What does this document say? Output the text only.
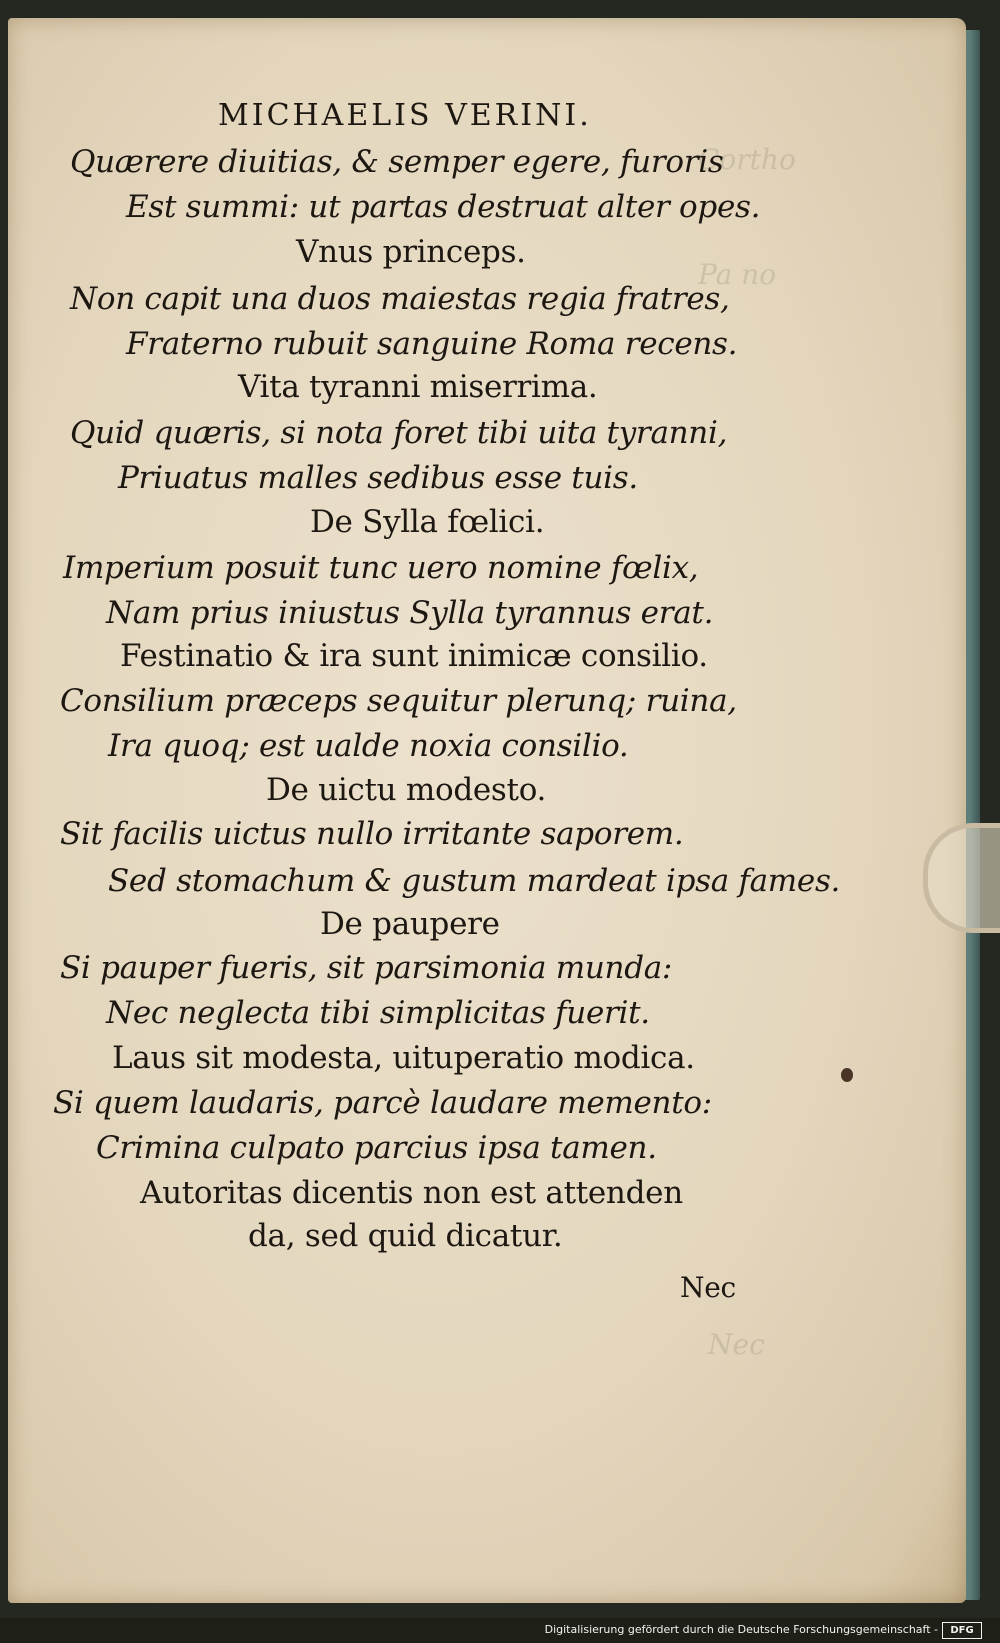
Cortho
Pa no
Nec

MICHAELIS VERINI.

Quærere diuitias, & semper egere, furoris

Est summi: ut partas destruat alter opes.

Vnus princeps.

Non capit una duos maiestas regia fratres,

Fraterno rubuit sanguine Roma recens.

Vita tyranni miserrima.

Quid quæris, si nota foret tibi uita tyranni,

Priuatus malles sedibus esse tuis.

De Sylla fœlici.

Imperium posuit tunc uero nomine fœlix,

Nam prius iniustus Sylla tyrannus erat.

Festinatio & ira sunt inimicæ consilio.

Consilium præceps sequitur plerunq; ruina,

Ira quoq; est ualde noxia consilio.

De uictu modesto.

Sit facilis uictus nullo irritante saporem.

Sed stomachum & gustum mardeat ipsa fames.

De paupere

Si pauper fueris, sit parsimonia munda:

Nec neglecta tibi simplicitas fuerit.

Laus sit modesta, uituperatio modica.

Si quem laudaris, parcè laudare memento:

Crimina culpato parcius ipsa tamen.

Autoritas dicentis non est attenden

da, sed quid dicatur.

Nec

Digitalisierung gefördert durch die Deutsche Forschungsgemeinschaft -	DFG
